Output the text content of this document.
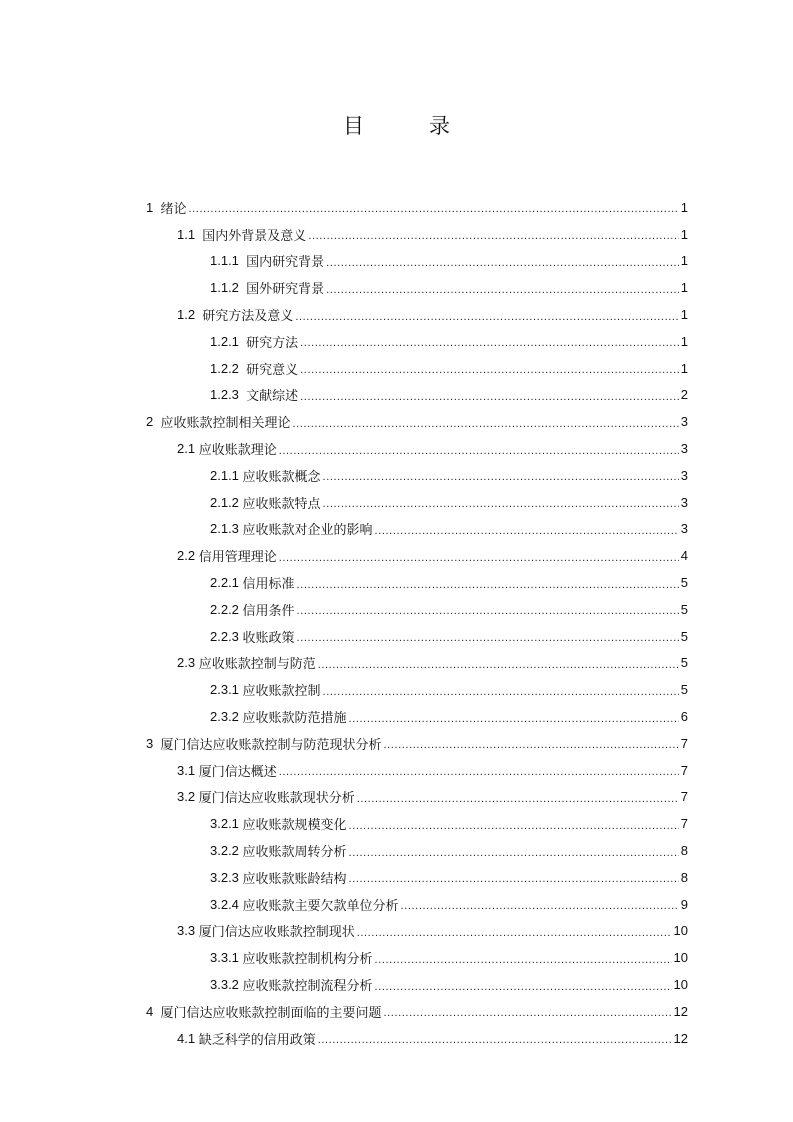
目　录
1 绪论 .....	1
1.1 国内外背景及意义 .....	1
1.1.1 国内研究背景 .....	1
1.1.2 国外研究背景 .....	1
1.2 研究方法及意义 .....	1
1.2.1 研究方法 .....	1
1.2.2 研究意义 .....	1
1.2.3 文献综述 .....	2
2 应收账款控制相关理论 .....	3
2.1 应收账款理论 .....	3
2.1.1 应收账款概念 .....	3
2.1.2 应收账款特点 .....	3
2.1.3 应收账款对企业的影响 .....	3
2.2 信用管理理论 .....	4
2.2.1 信用标准 .....	5
2.2.2 信用条件 .....	5
2.2.3 收账政策 .....	5
2.3 应收账款控制与防范 .....	5
2.3.1 应收账款控制 .....	5
2.3.2 应收账款防范措施 .....	6
3 厦门信达应收账款控制与防范现状分析 .....	7
3.1 厦门信达概述 .....	7
3.2 厦门信达应收账款现状分析 .....	7
3.2.1 应收账款规模变化 .....	7
3.2.2 应收账款周转分析 .....	8
3.2.3 应收账款账龄结构 .....	8
3.2.4 应收账款主要欠款单位分析 .....	9
3.3 厦门信达应收账款控制现状 .....	10
3.3.1 应收账款控制机构分析 .....	10
3.3.2 应收账款控制流程分析 .....	10
4 厦门信达应收账款控制面临的主要问题 .....	12
4.1 缺乏科学的信用政策 .....	12
